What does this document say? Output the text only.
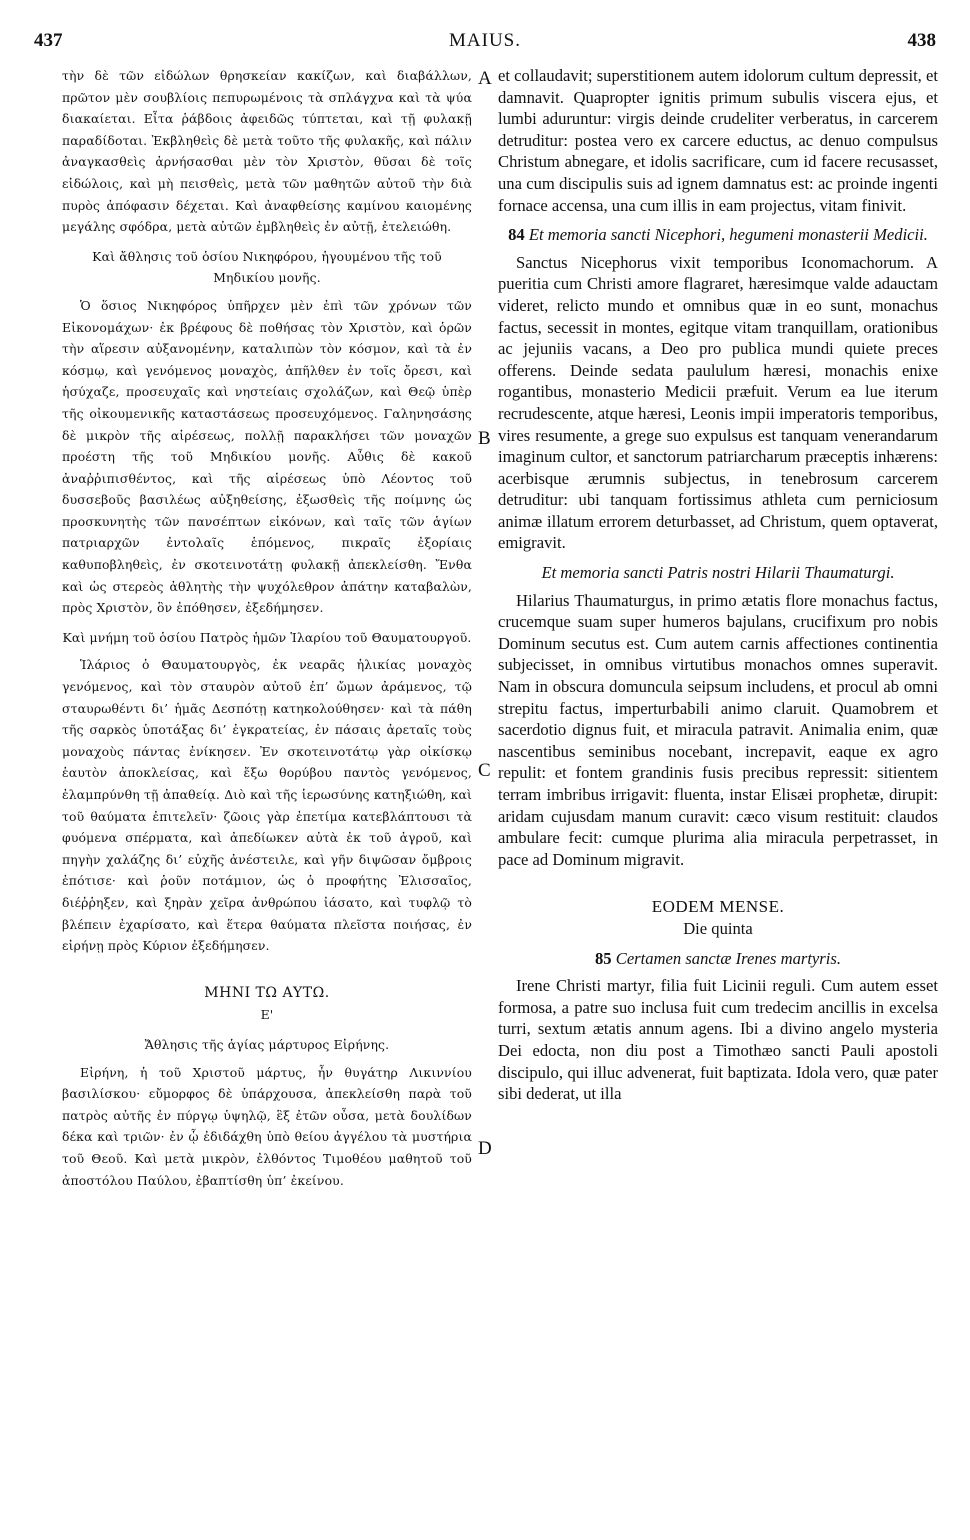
437	MAIUS.	438

τὴν δὲ τῶν εἰδώλων θρησκείαν κακίζων, καὶ διαβάλλων, πρῶτον μὲν σουβλίοις πεπυρωμένοις τὰ σπλάγχνα καὶ τὰ ψύα διακαίεται. Εἶτα ῥάβδοις ἀφειδῶς τύπτεται, καὶ τῇ φυλακῇ παραδίδοται. Ἐκβληθεὶς δὲ μετὰ τοῦτο τῆς φυλακῆς, καὶ πάλιν ἀναγκασθεὶς ἀρνήσασθαι μὲν τὸν Χριστὸν, θῦσαι δὲ τοῖς εἰδώλοις, καὶ μὴ πεισθεὶς, μετὰ τῶν μαθητῶν αὐτοῦ τὴν διὰ πυρὸς ἀπόφασιν δέχεται. Καὶ ἀναφθείσης καμίνου καιομένης μεγάλης σφόδρα, μετὰ αὐτῶν ἐμβληθεὶς ἐν αὐτῇ, ἐτελειώθη.

Καὶ ἄθλησις τοῦ ὁσίου Νικηφόρου, ἡγουμένου τῆς τοῦ Μηδικίου μονῆς.

Ὁ ὅσιος Νικηφόρος ὑπῆρχεν μὲν ἐπὶ τῶν χρόνων τῶν Εἰκονομάχων· ἐκ βρέφους δὲ ποθήσας τὸν Χριστὸν, καὶ ὁρῶν τὴν αἵρεσιν αὐξανομένην, καταλιπὼν τὸν κόσμον, καὶ τὰ ἐν κόσμῳ, καὶ γενόμενος μοναχὸς, ἀπῆλθεν ἐν τοῖς ὄρεσι, καὶ ἡσύχαζε, προσευχαῖς καὶ νηστείαις σχολάζων, καὶ Θεῷ ὑπὲρ τῆς οἰκουμενικῆς καταστάσεως προσευχόμενος. Γαληνησάσης δὲ μικρὸν τῆς αἱρέσεως, πολλῇ παρακλήσει τῶν μοναχῶν προέστη τῆς τοῦ Μηδικίου μονῆς. Αὖθις δὲ κακοῦ ἀναῤῥιπισθέντος, καὶ τῆς αἱρέσεως ὑπὸ Λέοντος τοῦ δυσσεβοῦς βασιλέως αὐξηθείσης, ἐξωσθεὶς τῆς ποίμνης ὡς προσκυνητὴς τῶν πανσέπτων εἰκόνων, καὶ ταῖς τῶν ἁγίων πατριαρχῶν ἐντολαῖς ἑπόμενος, πικραῖς ἐξορίαις καθυποβληθεὶς, ἐν σκοτεινοτάτῃ φυλακῇ ἀπεκλείσθη. Ἔνθα καὶ ὡς στερεὸς ἀθλητὴς τὴν ψυχόλεθρον ἀπάτην καταβαλὼν, πρὸς Χριστὸν, ὃν ἐπόθησεν, ἐξεδήμησεν.

Καὶ μνήμη τοῦ ὁσίου Πατρὸς ἡμῶν Ἱλαρίου τοῦ Θαυματουργοῦ.

Ἱλάριος ὁ Θαυματουργὸς, ἐκ νεαρᾶς ἡλικίας μοναχὸς γενόμενος, καὶ τὸν σταυρὸν αὐτοῦ ἐπ’ ὤμων ἀράμενος, τῷ σταυρωθέντι δι’ ἡμᾶς Δεσπότῃ κατηκολούθησεν· καὶ τὰ πάθη τῆς σαρκὸς ὑποτάξας δι’ ἐγκρατείας, ἐν πάσαις ἀρεταῖς τοὺς μοναχοὺς πάντας ἐνίκησεν. Ἐν σκοτεινοτάτῳ γὰρ οἰκίσκῳ ἑαυτὸν ἀποκλείσας, καὶ ἔξω θορύβου παντὸς γενόμενος, ἐλαμπρύνθη τῇ ἀπαθείᾳ. Διὸ καὶ τῆς ἱερωσύνης κατηξιώθη, καὶ τοῦ θαύματα ἐπιτελεῖν· ζῶοις γὰρ ἐπετίμα κατεβλάπτουσι τὰ φυόμενα σπέρματα, καὶ ἀπεδίωκεν αὐτὰ ἐκ τοῦ ἀγροῦ, καὶ πηγὴν χαλάζης δι’ εὐχῆς ἀνέστειλε, καὶ γῆν διψῶσαν ὄμβροις ἐπότισε· καὶ ῥοῦν ποτάμιον, ὡς ὁ προφήτης Ἐλισσαῖος, διέῤῥηξεν, καὶ ξηρὰν χεῖρα ἀνθρώπου ἰάσατο, καὶ τυφλῷ τὸ βλέπειν ἐχαρίσατο, καὶ ἕτερα θαύματα πλεῖστα ποιήσας, ἐν εἰρήνῃ πρὸς Κύριον ἐξεδήμησεν.

ΜΗΝΙ ΤΩ ΑΥΤΩ.

Ε'

Ἄθλησις τῆς ἁγίας μάρτυρος Εἰρήνης.

Εἰρήνη, ἡ τοῦ Χριστοῦ μάρτυς, ἦν θυγάτηρ Λικιννίου βασιλίσκου· εὔμορφος δὲ ὑπάρχουσα, ἀπεκλείσθη παρὰ τοῦ πατρὸς αὐτῆς ἐν πύργῳ ὑψηλῷ, ἓξ ἐτῶν οὖσα, μετὰ δουλίδων δέκα καὶ τριῶν· ἐν ᾧ ἐδιδάχθη ὑπὸ θείου ἀγγέλου τὰ μυστήρια τοῦ Θεοῦ. Καὶ μετὰ μικρὸν, ἐλθόντος Τιμοθέου μαθητοῦ τοῦ ἀποστόλου Παύλου, ἐβαπτίσθη ὑπ’ ἐκείνου.

et collaudavit; superstitionem autem idolorum cultum depressit, et damnavit. Quapropter ignitis primum subulis viscera ejus, et lumbi aduruntur: virgis deinde crudeliter verberatus, in carcerem detruditur: postea vero ex carcere eductus, ac denuo compulsus Christum abnegare, et idolis sacrificare, cum id facere recusasset, una cum discipulis suis ad ignem damnatus est: ac proinde ingenti fornace accensa, una cum illis in eam projectus, vitam finivit.

84 Et memoria sancti Nicephori, hegumeni monasterii Medicii.

Sanctus Nicephorus vixit temporibus Iconomachorum. A pueritia cum Christi amore flagraret, hæresimque valde adauctam videret, relicto mundo et omnibus quæ in eo sunt, monachus factus, secessit in montes, egitque vitam tranquillam, orationibus ac jejuniis vacans, a Deo pro publica mundi quiete preces offerens. Deinde sedata paululum hæresi, monachis enixe rogantibus, monasterio Medicii præfuit. Verum ea lue iterum recrudescente, atque hæresi, Leonis impii imperatoris temporibus, vires resumente, a grege suo expulsus est tanquam venerandarum imaginum cultor, et sanctorum patriarcharum præceptis inhærens: acerbisque ærumnis subjectus, in tenebrosum carcerem detruditur: ubi tanquam fortissimus athleta cum perniciosum animæ illatum errorem deturbasset, ad Christum, quem optaverat, emigravit.

Et memoria sancti Patris nostri Hilarii Thaumaturgi.

Hilarius Thaumaturgus, in primo ætatis flore monachus factus, crucemque suam super humeros bajulans, crucifixum pro nobis Dominum secutus est. Cum autem carnis affectiones continentia subjecisset, in omnibus virtutibus monachos omnes superavit. Nam in obscura domuncula seipsum includens, et procul ab omni strepitu factus, imperturbabili animo claruit. Quamobrem et sacerdotio dignus fuit, et miracula patravit. Animalia enim, quæ nascentibus seminibus nocebant, increpavit, eaque ex agro repulit: et fontem grandinis fusis precibus repressit: sitientem terram imbribus irrigavit: fluenta, instar Elisæi prophetæ, dirupit: aridam cujusdam manum curavit: cæco visum restituit: claudos ambulare fecit: cumque plurima alia miracula perpetrasset, in pace ad Dominum migravit.

EODEM MENSE.

Die quinta

85 Certamen sanctæ Irenes martyris.

Irene Christi martyr, filia fuit Licinii reguli. Cum autem esset formosa, a patre suo inclusa fuit cum tredecim ancillis in excelsa turri, sextum ætatis annum agens. Ibi a divino angelo mysteria Dei edocta, non diu post a Timothæo sancti Pauli apostoli discipulo, qui illuc advenerat, fuit baptizata. Idola vero, quæ pater sibi dederat, ut illa

A
B
C
D
